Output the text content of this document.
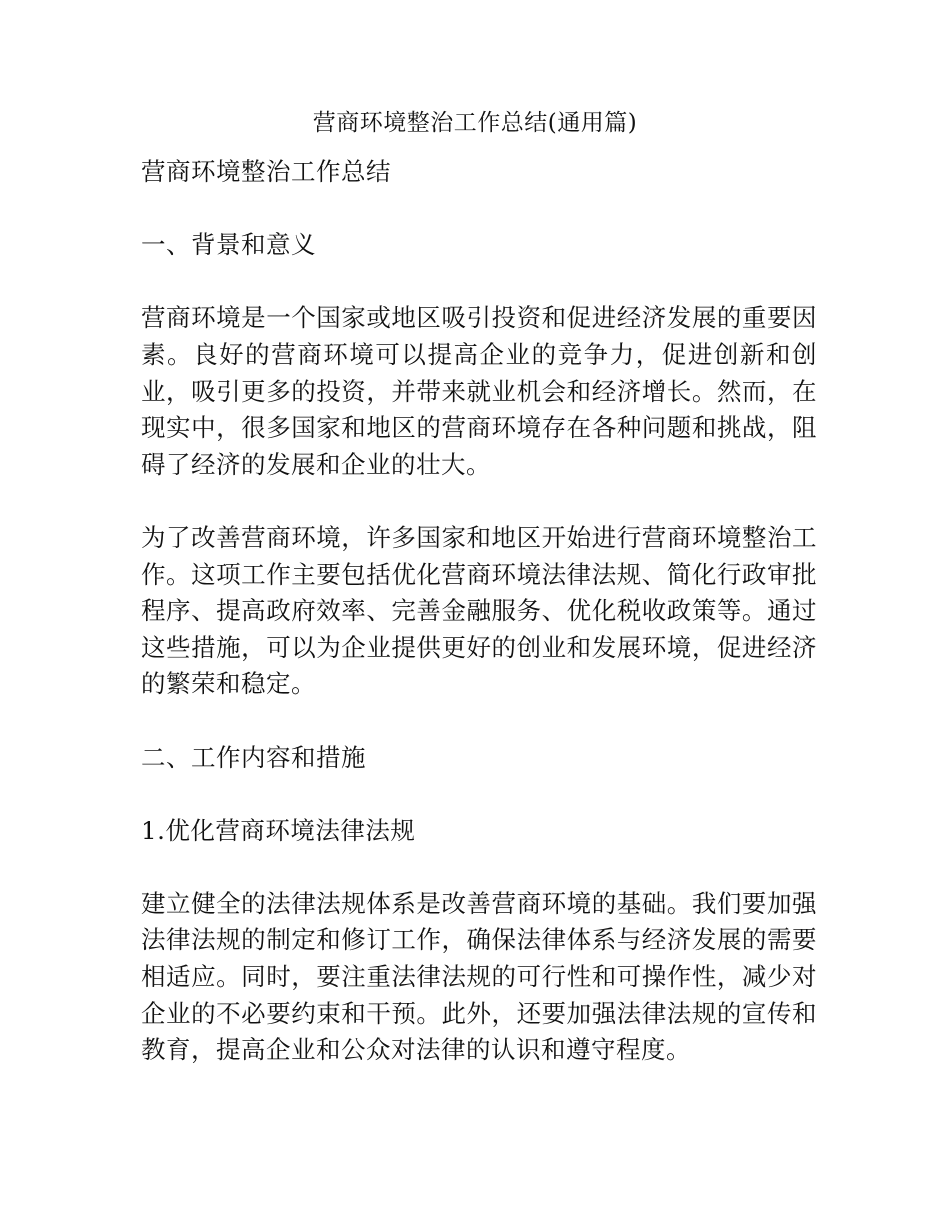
营商环境整治工作总结(通用篇)

营商环境整治工作总结

一、背景和意义

营商环境是一个国家或地区吸引投资和促进经济发展的重要因素。良好的营商环境可以提高企业的竞争力，促进创新和创业，吸引更多的投资，并带来就业机会和经济增长。然而，在现实中，很多国家和地区的营商环境存在各种问题和挑战，阻碍了经济的发展和企业的壮大。

为了改善营商环境，许多国家和地区开始进行营商环境整治工作。这项工作主要包括优化营商环境法律法规、简化行政审批程序、提高政府效率、完善金融服务、优化税收政策等。通过这些措施，可以为企业提供更好的创业和发展环境，促进经济的繁荣和稳定。

二、工作内容和措施

1.优化营商环境法律法规

建立健全的法律法规体系是改善营商环境的基础。我们要加强法律法规的制定和修订工作，确保法律体系与经济发展的需要相适应。同时，要注重法律法规的可行性和可操作性，减少对企业的不必要约束和干预。此外，还要加强法律法规的宣传和教育，提高企业和公众对法律的认识和遵守程度。
